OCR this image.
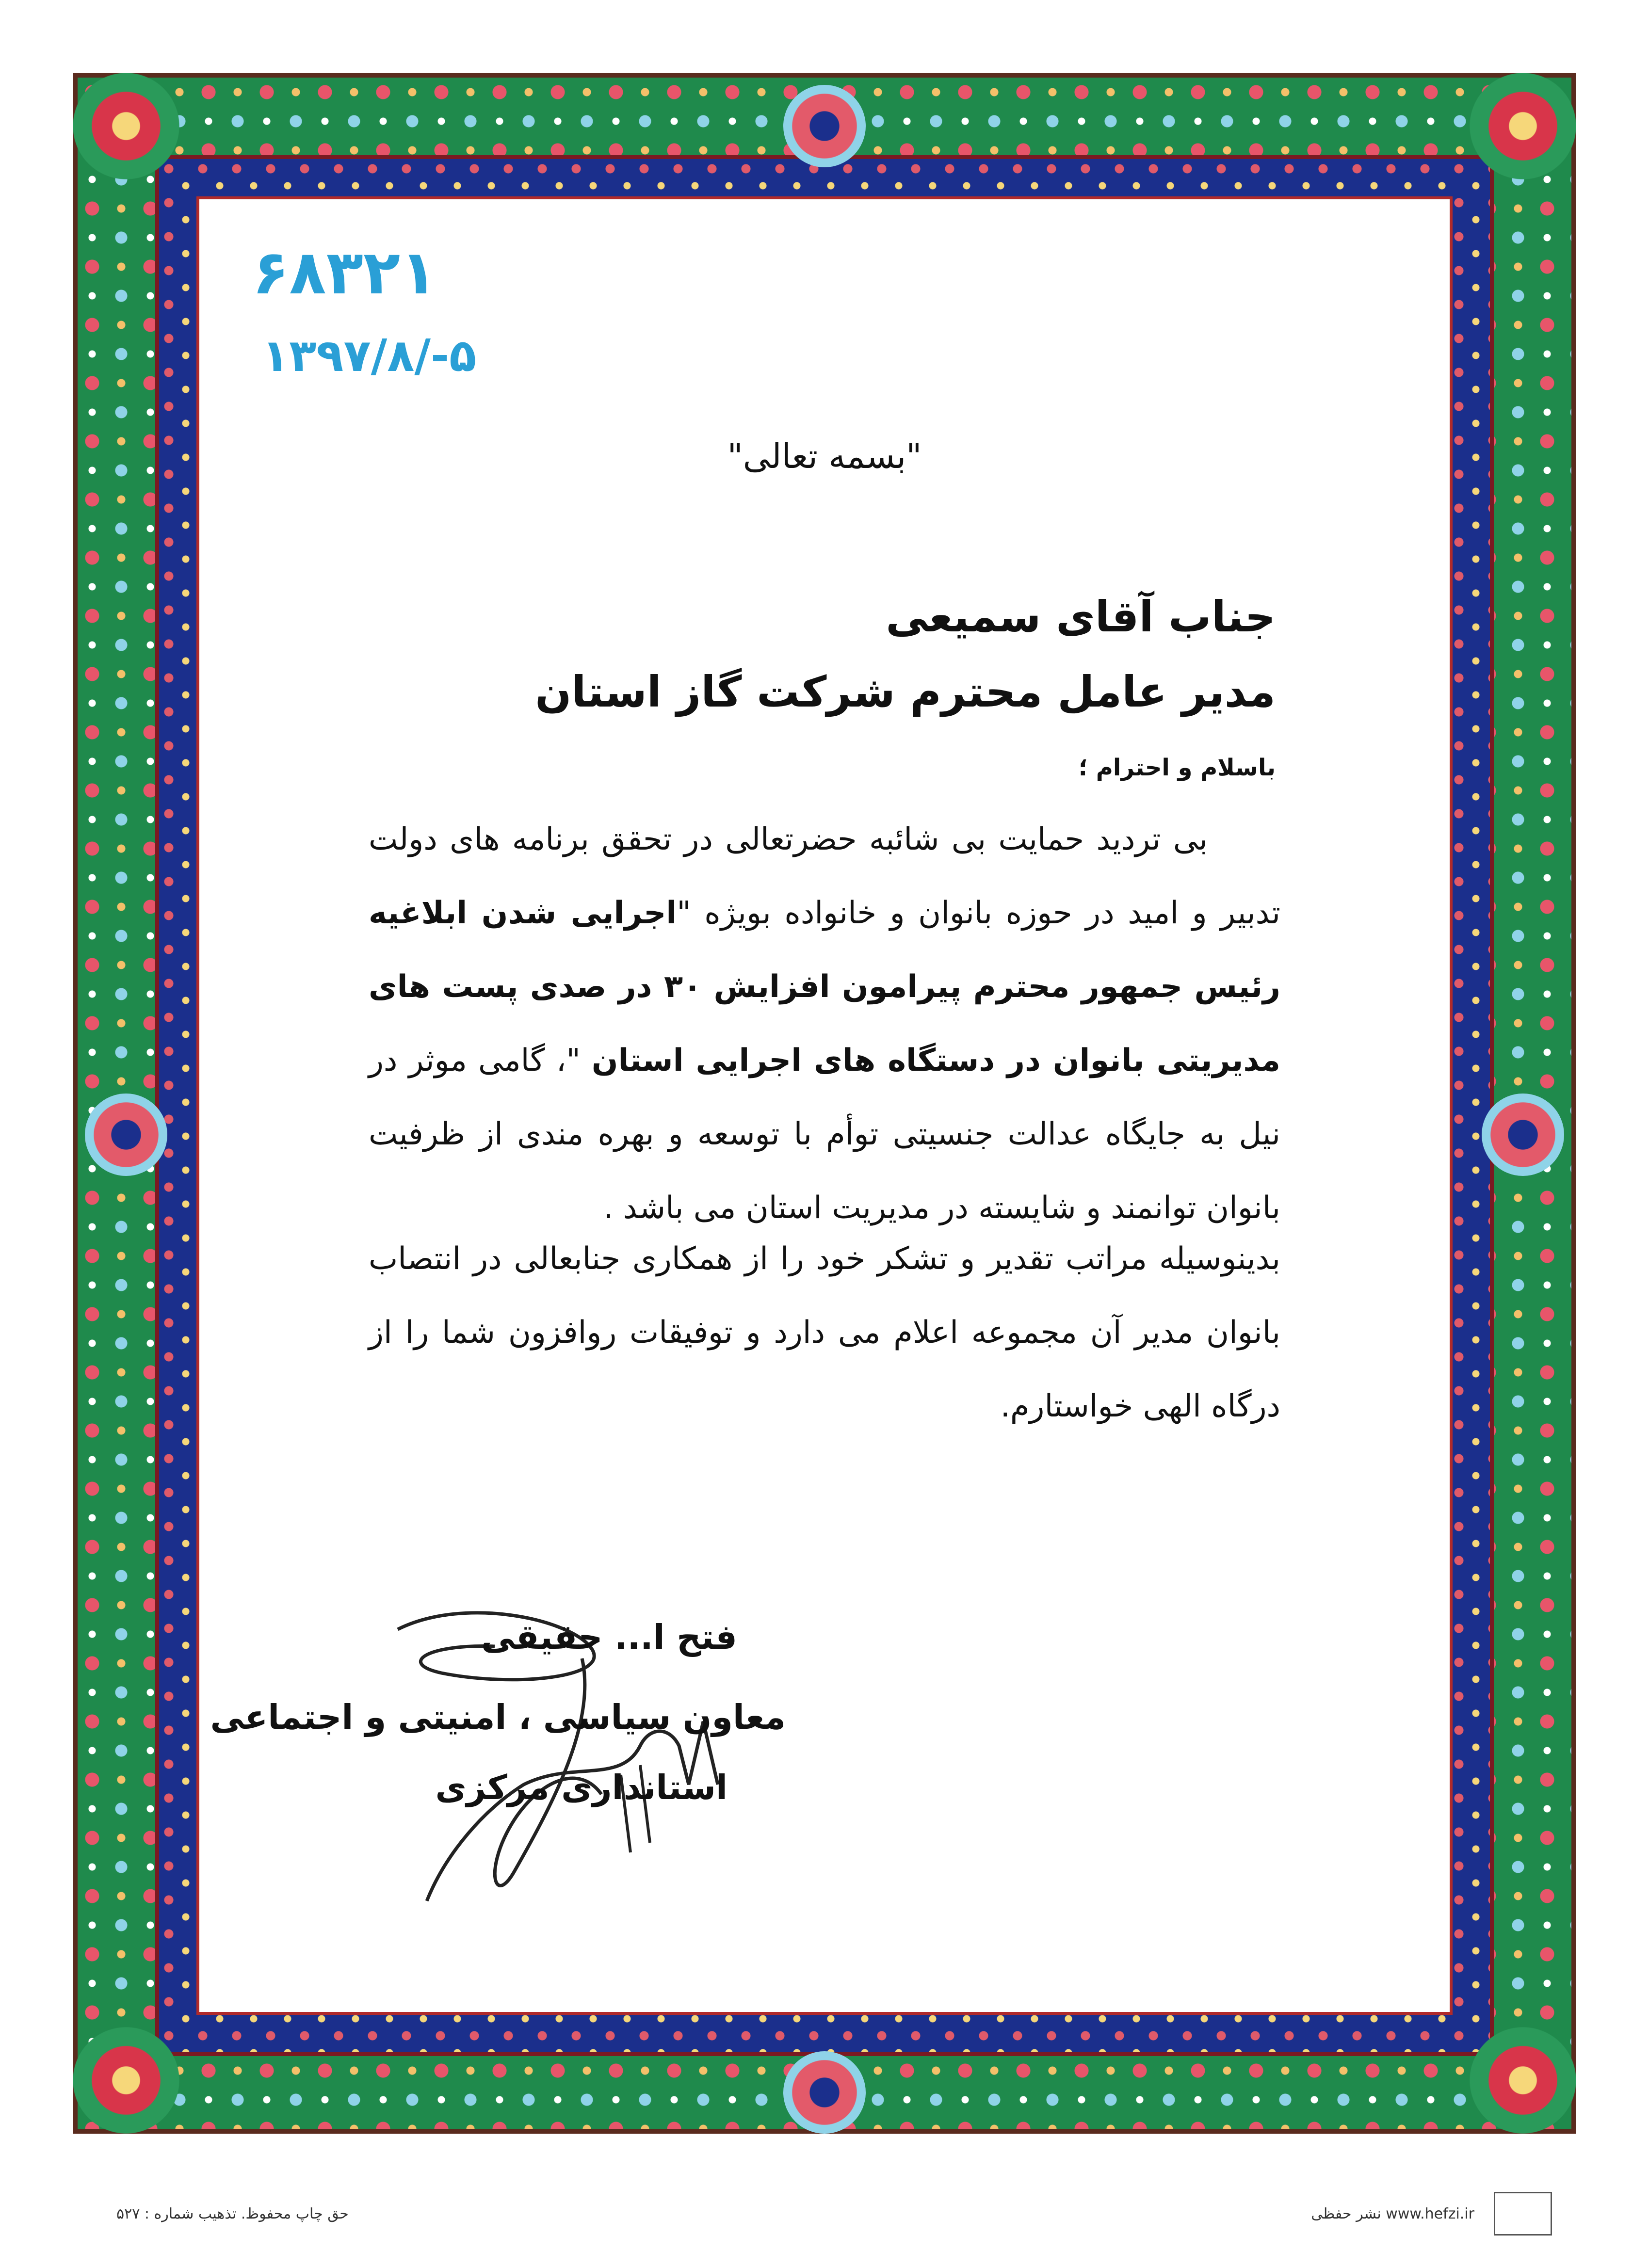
۶۸۳۲۱
۱۳۹۷/۸/-۵
"بسمه تعالی"
جناب آقای سمیعی
مدیر عامل محترم شرکت گاز استان
باسلام و احترام ؛
بی تردید حمایت بی شائبه حضرتعالی در تحقق برنامه های دولت تدبیر و امید در حوزه بانوان و خانواده بویژه "اجرایی شدن ابلاغیه رئیس جمهور محترم پیرامون افزایش ۳۰ در صدی پست های مدیریتی بانوان در دستگاه های اجرایی استان "، گامی موثر در نیل به جایگاه عدالت جنسیتی توأم با توسعه و بهره مندی از ظرفیت بانوان توانمند و شایسته در مدیریت استان می باشد .
بدینوسیله مراتب تقدیر و تشکر خود را از همکاری جنابعالی در انتصاب بانوان مدیر آن مجموعه اعلام می دارد و توفیقات روافزون شما را از درگاه الهی خواستارم.
فتح ا... حقیقی
معاون سیاسی ، امنیتی و اجتماعی
استانداری مرکزی
حق چاپ محفوظ. تذهیب شماره : ۵۲۷	www.hefzi.ir نشر حفظی
